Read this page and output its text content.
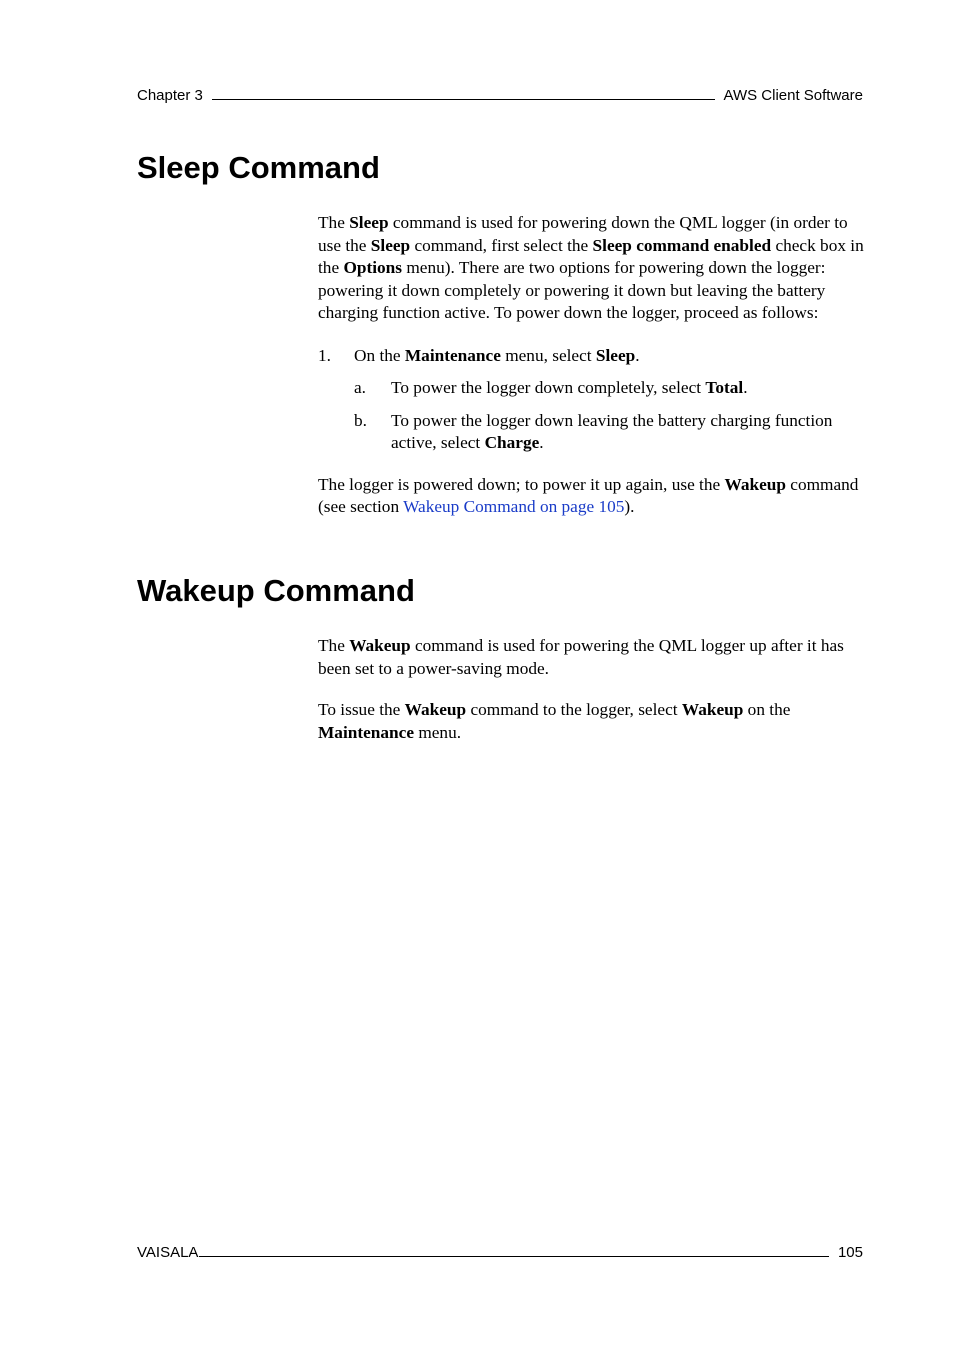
Chapter 3	AWS Client Software
Sleep Command

The Sleep command is used for powering down the QML logger (in order to use the Sleep command, first select the Sleep command enabled check box in the Options menu). There are two options for powering down the logger: powering it down completely or powering it down but leaving the battery charging function active. To power down the logger, proceed as follows:

1.	On the Maintenance menu, select Sleep.
a.	To power the logger down completely, select Total.
b.	To power the logger down leaving the battery charging function active, select Charge.

The logger is powered down; to power it up again, use the Wakeup command (see section Wakeup Command on page 105).

Wakeup Command

The Wakeup command is used for powering the QML logger up after it has been set to a power-saving mode.

To issue the Wakeup command to the logger, select Wakeup on the Maintenance menu.

VAISALA	105
